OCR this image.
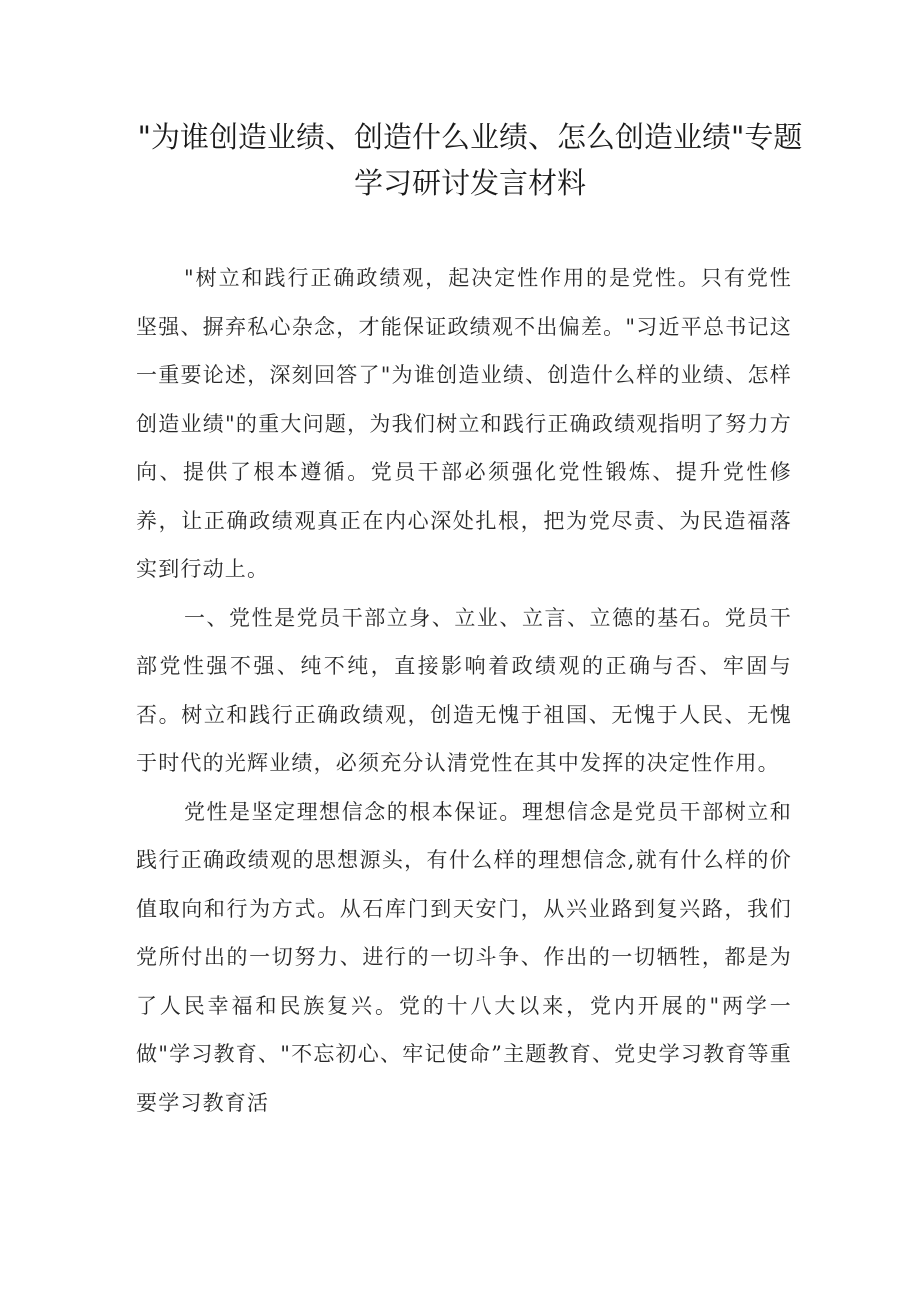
"为谁创造业绩、创造什么业绩、怎么创造业绩"专题学习研讨发言材料

"树立和践行正确政绩观，起决定性作用的是党性。只有党性坚强、摒弃私心杂念，才能保证政绩观不出偏差。"习近平总书记这一重要论述，深刻回答了"为谁创造业绩、创造什么样的业绩、怎样创造业绩"的重大问题，为我们树立和践行正确政绩观指明了努力方向、提供了根本遵循。党员干部必须强化党性锻炼、提升党性修养，让正确政绩观真正在内心深处扎根，把为党尽责、为民造福落实到行动上。

一、党性是党员干部立身、立业、立言、立德的基石。党员干部党性强不强、纯不纯，直接影响着政绩观的正确与否、牢固与否。树立和践行正确政绩观，创造无愧于祖国、无愧于人民、无愧于时代的光辉业绩，必须充分认清党性在其中发挥的决定性作用。

党性是坚定理想信念的根本保证。理想信念是党员干部树立和践行正确政绩观的思想源头，有什么样的理想信念,就有什么样的价值取向和行为方式。从石库门到天安门，从兴业路到复兴路，我们党所付出的一切努力、进行的一切斗争、作出的一切牺牲，都是为了人民幸福和民族复兴。党的十八大以来，党内开展的"两学一做"学习教育、"不忘初心、牢记使命”主题教育、党史学习教育等重要学习教育活
